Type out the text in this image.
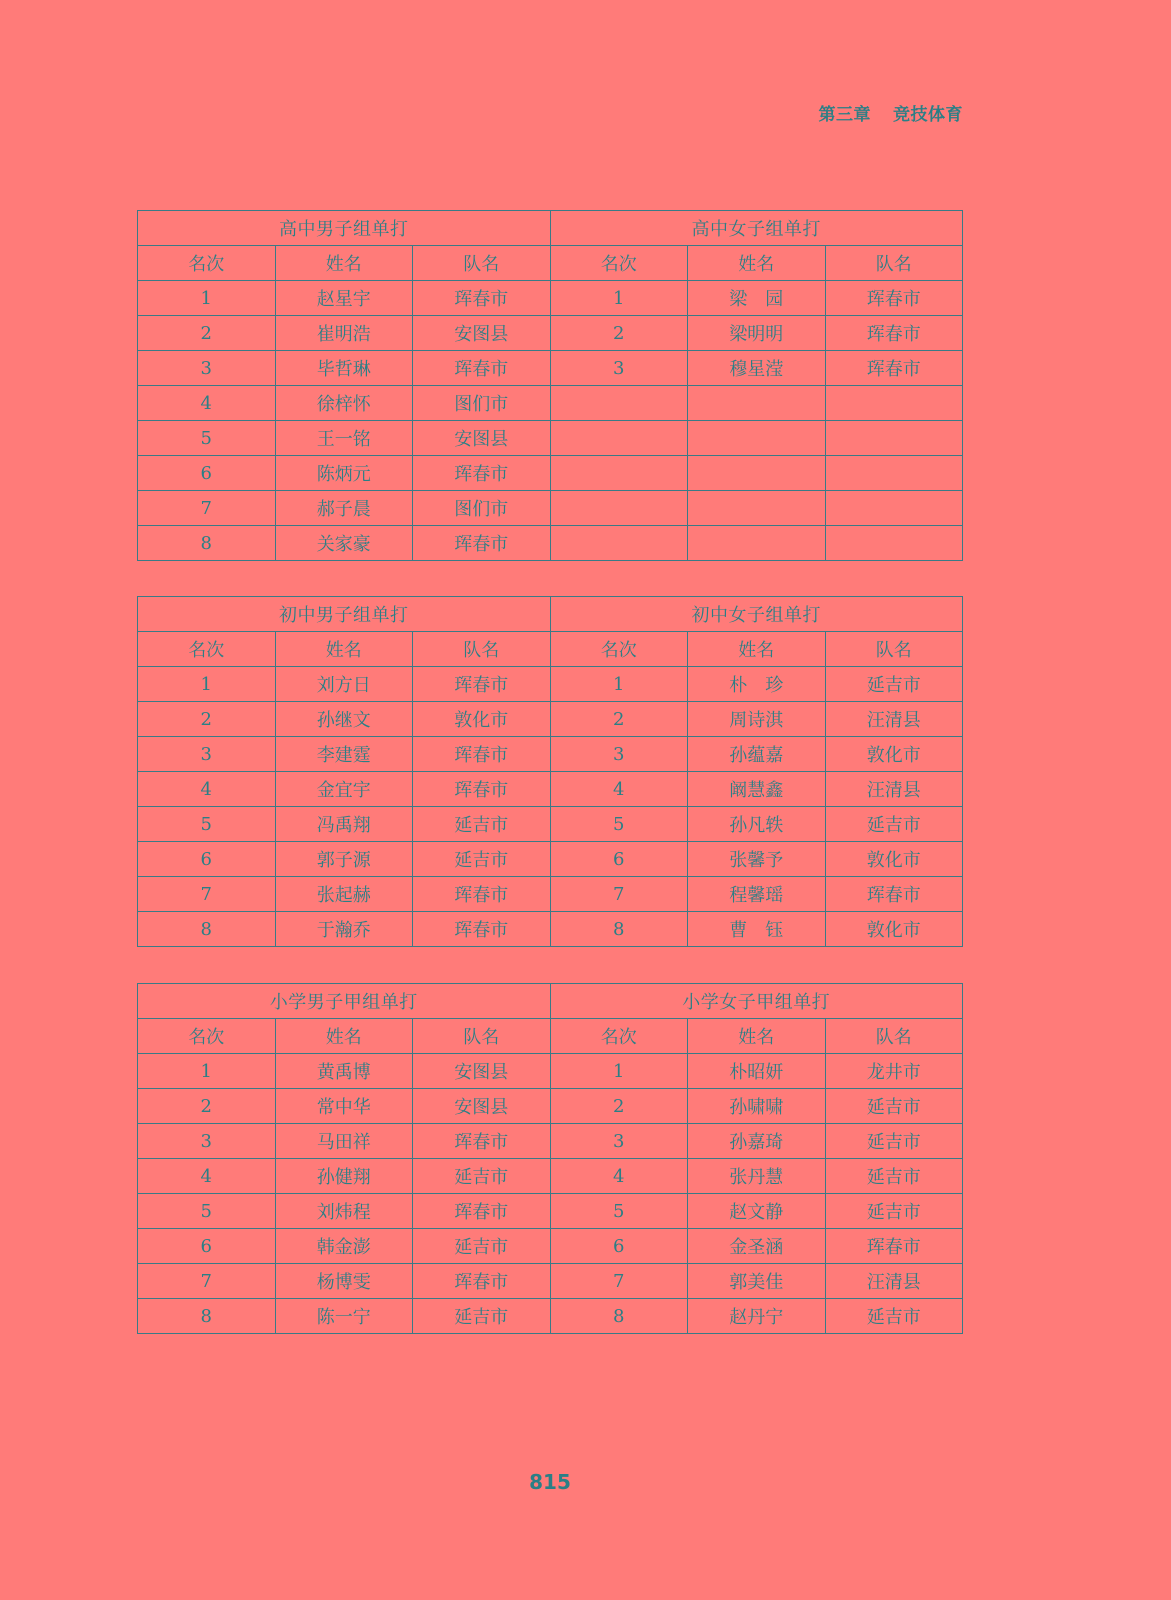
第三章 竞技体育
高中男子组单打			高中女子组单打		
名次	姓名	队名	名次	姓名	队名
1	赵星宇	珲春市	1	梁　园	珲春市
2	崔明浩	安图县	2	梁明明	珲春市
3	毕哲琳	珲春市	3	穆星滢	珲春市
4	徐梓怀	图们市			
5	王一铭	安图县			
6	陈炳元	珲春市			
7	郝子晨	图们市			
8	关家豪	珲春市			
初中男子组单打			初中女子组单打		
名次	姓名	队名	名次	姓名	队名
1	刘方日	珲春市	1	朴　珍	延吉市
2	孙继文	敦化市	2	周诗淇	汪清县
3	李建霆	珲春市	3	孙蕴嘉	敦化市
4	金宜宇	珲春市	4	阚慧鑫	汪清县
5	冯禹翔	延吉市	5	孙凡轶	延吉市
6	郭子源	延吉市	6	张馨予	敦化市
7	张起赫	珲春市	7	程馨瑶	珲春市
8	于瀚乔	珲春市	8	曹　钰	敦化市
小学男子甲组单打			小学女子甲组单打		
名次	姓名	队名	名次	姓名	队名
1	黄禹博	安图县	1	朴昭妍	龙井市
2	常中华	安图县	2	孙啸啸	延吉市
3	马田祥	珲春市	3	孙嘉琦	延吉市
4	孙健翔	延吉市	4	张丹慧	延吉市
5	刘炜程	珲春市	5	赵文静	延吉市
6	韩金澎	延吉市	6	金圣涵	珲春市
7	杨博雯	珲春市	7	郭美佳	汪清县
8	陈一宁	延吉市	8	赵丹宁	延吉市
815
